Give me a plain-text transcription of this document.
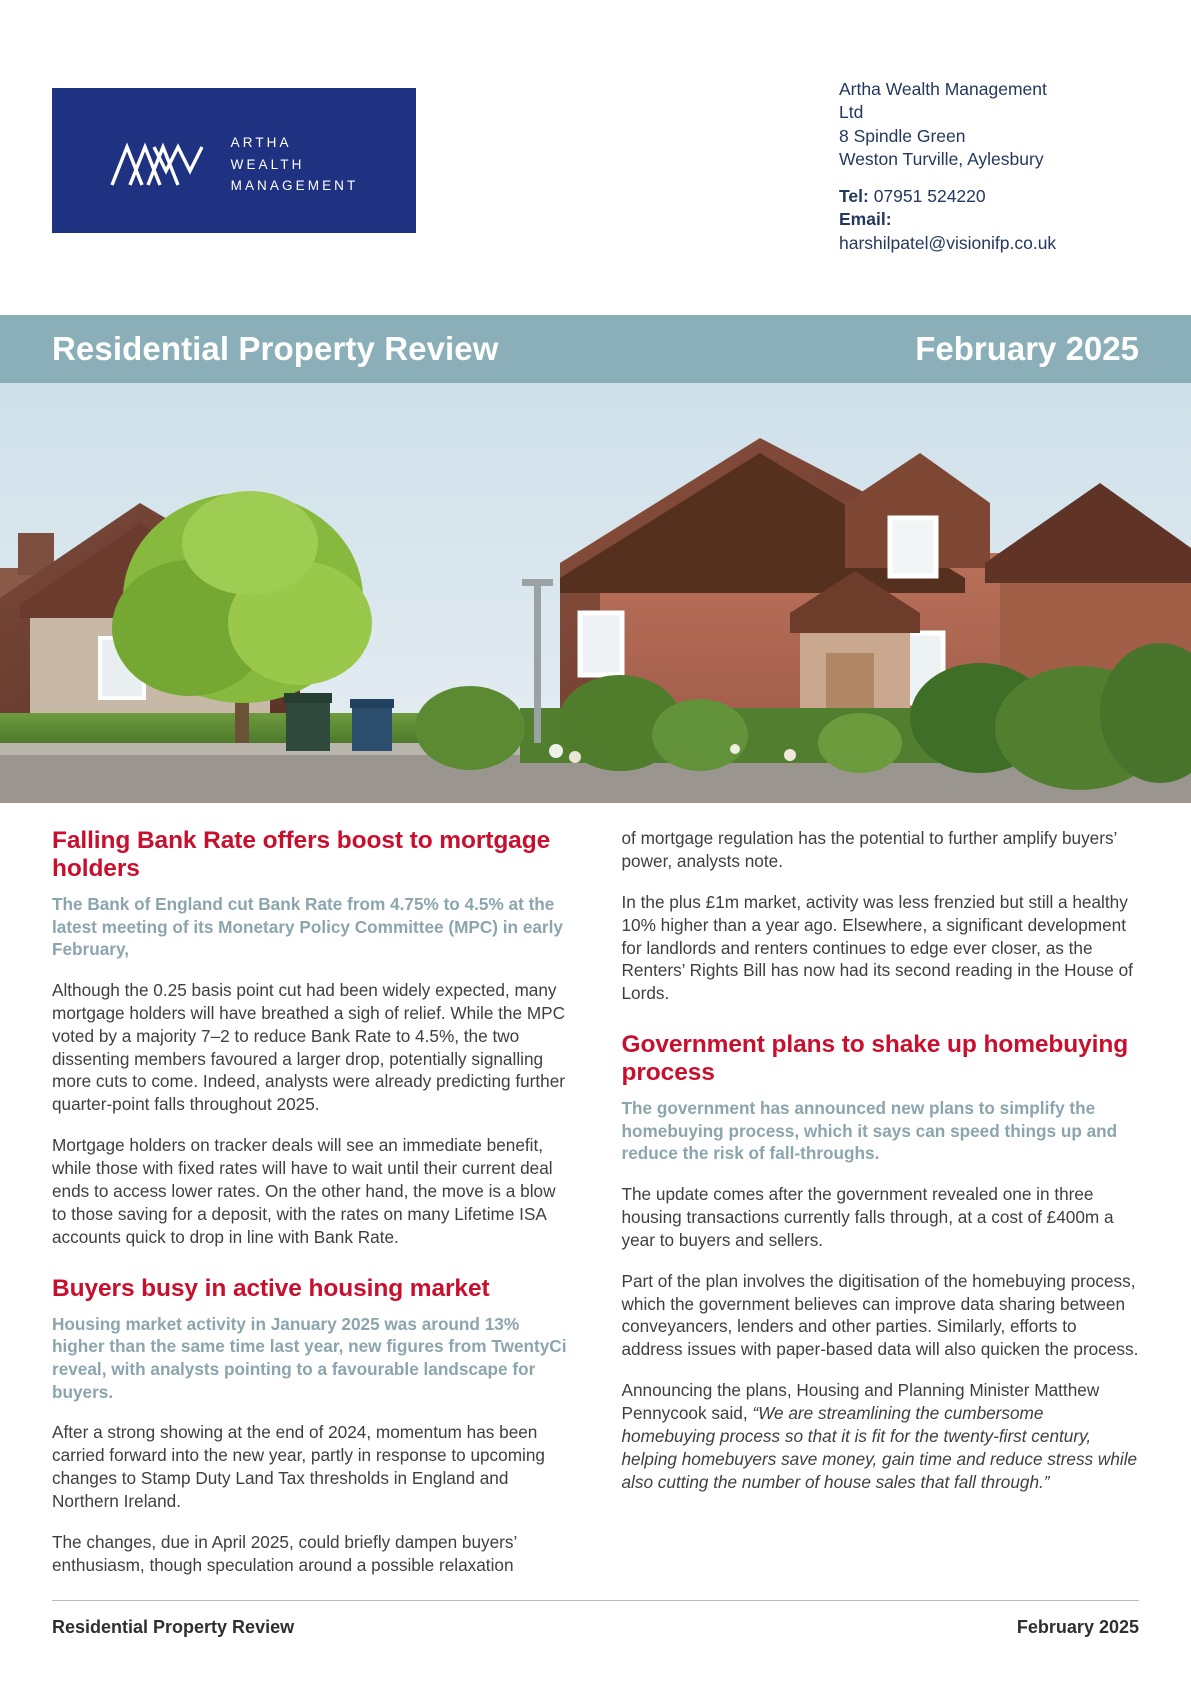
ARTHA
WEALTH
MANAGEMENT
Artha Wealth Management
Ltd
8 Spindle Green
Weston Turville, Aylesbury
Tel: 07951 524220
Email:
harshilpatel@visionifp.co.uk
Residential Property Review	February 2025
Falling Bank Rate offers boost to mortgage holders

The Bank of England cut Bank Rate from 4.75% to 4.5% at the latest meeting of its Monetary Policy Committee (MPC) in early February,

Although the 0.25 basis point cut had been widely expected, many mortgage holders will have breathed a sigh of relief. While the MPC voted by a majority 7–2 to reduce Bank Rate to 4.5%, the two dissenting members favoured a larger drop, potentially signalling more cuts to come. Indeed, analysts were already predicting further quarter-point falls throughout 2025.

Mortgage holders on tracker deals will see an immediate benefit, while those with fixed rates will have to wait until their current deal ends to access lower rates. On the other hand, the move is a blow to those saving for a deposit, with the rates on many Lifetime ISA accounts quick to drop in line with Bank Rate.

Buyers busy in active housing market

Housing market activity in January 2025 was around 13% higher than the same time last year, new figures from TwentyCi reveal, with analysts pointing to a favourable landscape for buyers.

After a strong showing at the end of 2024, momentum has been carried forward into the new year, partly in response to upcoming changes to Stamp Duty Land Tax thresholds in England and Northern Ireland.

The changes, due in April 2025, could briefly dampen buyers’ enthusiasm, though speculation around a possible relaxation

of mortgage regulation has the potential to further amplify buyers’ power, analysts note.

In the plus £1m market, activity was less frenzied but still a healthy 10% higher than a year ago. Elsewhere, a significant development for landlords and renters continues to edge ever closer, as the Renters’ Rights Bill has now had its second reading in the House of Lords.

Government plans to shake up homebuying process

The government has announced new plans to simplify the homebuying process, which it says can speed things up and reduce the risk of fall-throughs.

The update comes after the government revealed one in three housing transactions currently falls through, at a cost of £400m a year to buyers and sellers.

Part of the plan involves the digitisation of the homebuying process, which the government believes can improve data sharing between conveyancers, lenders and other parties. Similarly, efforts to address issues with paper-based data will also quicken the process.

Announcing the plans, Housing and Planning Minister Matthew Pennycook said, “We are streamlining the cumbersome homebuying process so that it is fit for the twenty-first century, helping homebuyers save money, gain time and reduce stress while also cutting the number of house sales that fall through.”

Residential Property Review	February 2025
